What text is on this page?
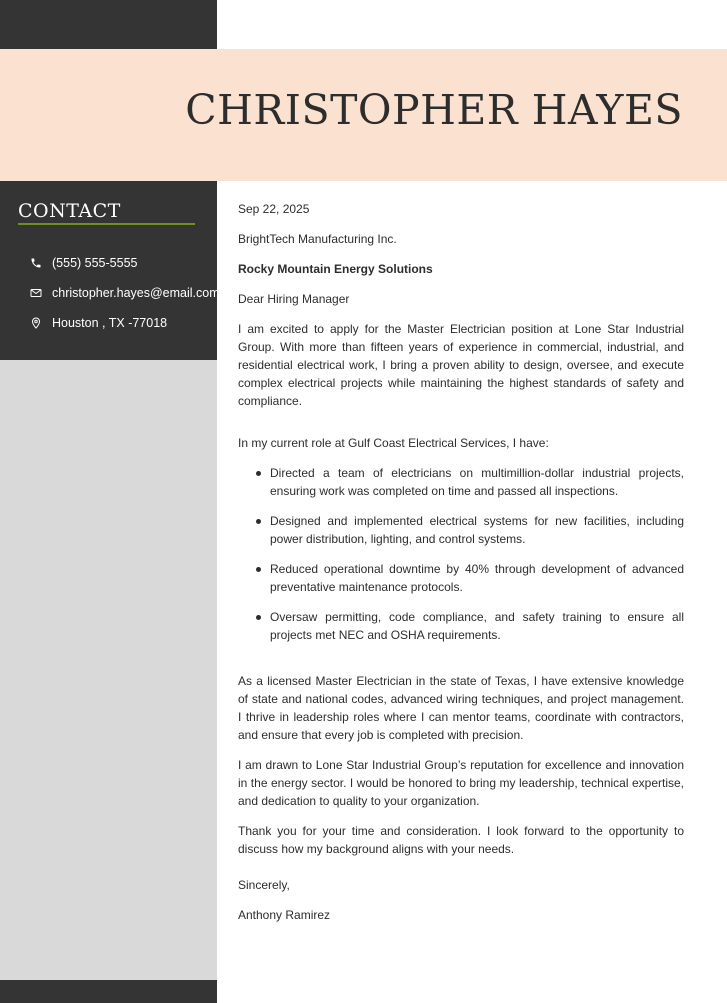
CHRISTOPHER HAYES
CONTACT
(555) 555-5555
christopher.hayes@email.com
Houston , TX -77018

Sep 22, 2025

BrightTech Manufacturing Inc.

Rocky Mountain Energy Solutions

Dear Hiring Manager

I am excited to apply for the Master Electrician position at Lone Star Industrial Group. With more than fifteen years of experience in commercial, industrial, and residential electrical work, I bring a proven ability to design, oversee, and execute complex electrical projects while maintaining the highest standards of safety and compliance.

In my current role at Gulf Coast Electrical Services, I have:

Directed a team of electricians on multimillion-dollar industrial projects, ensuring work was completed on time and passed all inspections.
Designed and implemented electrical systems for new facilities, including power distribution, lighting, and control systems.
Reduced operational downtime by 40% through development of advanced preventative maintenance protocols.
Oversaw permitting, code compliance, and safety training to ensure all projects met NEC and OSHA requirements.

As a licensed Master Electrician in the state of Texas, I have extensive knowledge of state and national codes, advanced wiring techniques, and project management. I thrive in leadership roles where I can mentor teams, coordinate with contractors, and ensure that every job is completed with precision.

I am drawn to Lone Star Industrial Group’s reputation for excellence and innovation in the energy sector. I would be honored to bring my leadership, technical expertise, and dedication to quality to your organization.

Thank you for your time and consideration. I look forward to the opportunity to discuss how my background aligns with your needs.

Sincerely,

Anthony Ramirez
